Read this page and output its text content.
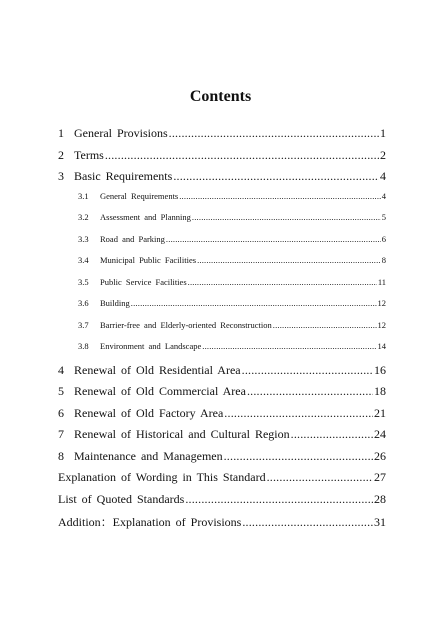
Contents
1 General Provisions .....	1
2 Terms .....	2
3 Basic Requirements .....	4
3.1	General Requirements .....	4
3.2	Assessment and Planning .....	5
3.3	Road and Parking .....	6
3.4	Municipal Public Facilities .....	8
3.5	Public Service Facilities .....	11
3.6	Building .....	12
3.7	Barrier-free and Elderly-oriented Reconstruction .....	12
3.8	Environment and Landscape .....	14
4 Renewal of Old Residential Area .....	16
5 Renewal of Old Commercial Area .....	18
6 Renewal of Old Factory Area .....	21
7 Renewal of Historical and Cultural Region .....	24
8 Maintenance and Managemen .....	26
Explanation of Wording in This Standard .....	27
List of Quoted Standards .....	28
Addition：Explanation of Provisions .....	31
